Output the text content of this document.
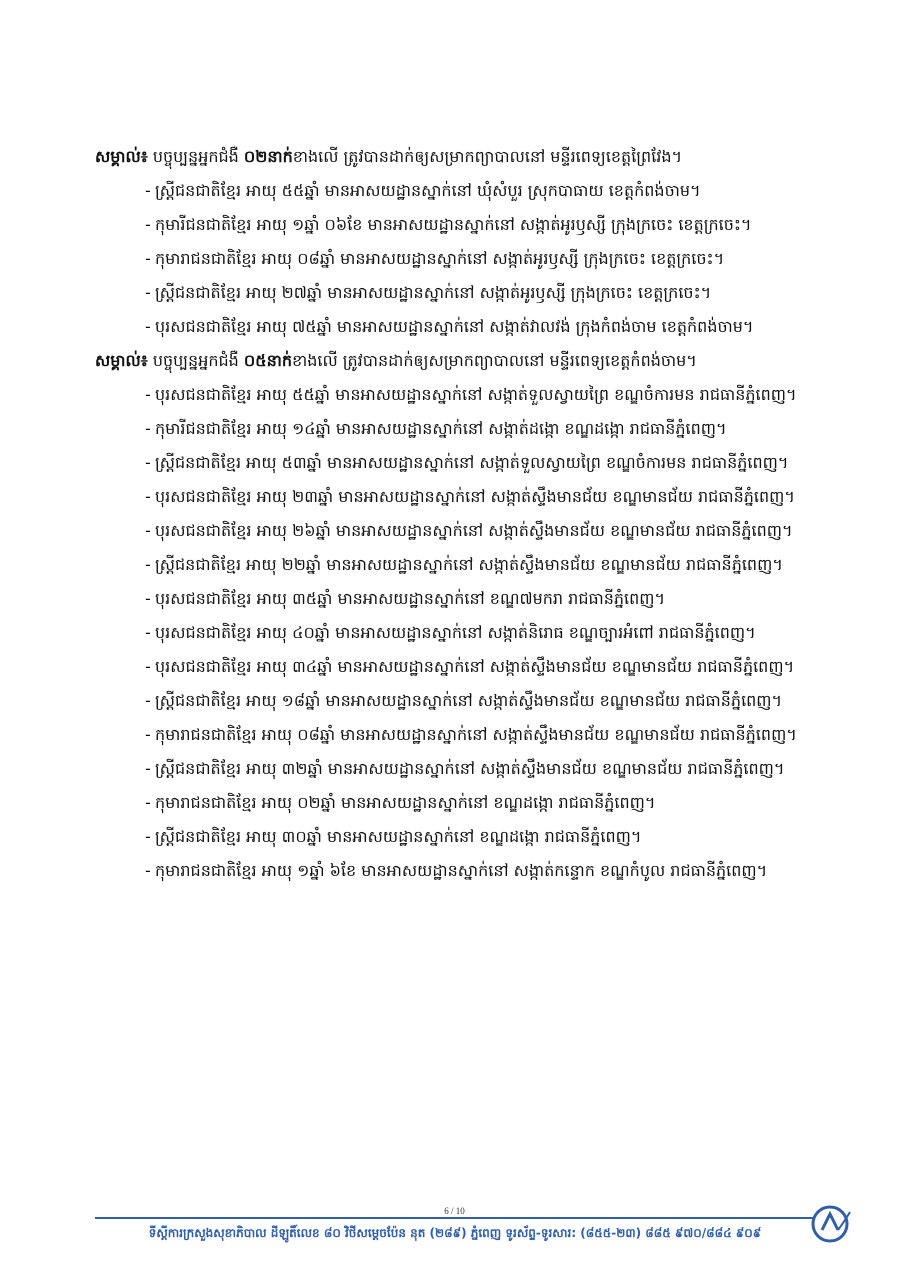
សម្គាល់៖ បច្ចុប្បន្នអ្នកជំងឺ ០២នាក់ខាងលើ ត្រូវបានដាក់ឲ្យសម្រាកព្យាបាលនៅ មន្ទីរពេទ្យខេត្តព្រៃវែង។
- ស្ត្រីជនជាតិខ្មែរ អាយុ ៥៥ឆ្នាំ មានអាសយដ្ឋានស្នាក់នៅ ឃុំសំបួរ ស្រុកបាធាយ ខេត្តកំពង់ចាម។
- កុមារីជនជាតិខ្មែរ អាយុ ១ឆ្នាំ ០៦ខែ មានអាសយដ្ឋានស្នាក់នៅ សង្កាត់អូរឫស្សី ក្រុងក្រចេះ ខេត្តក្រចេះ។
- កុមារាជនជាតិខ្មែរ អាយុ ០៨ឆ្នាំ មានអាសយដ្ឋានស្នាក់នៅ សង្កាត់អូរឫស្សី ក្រុងក្រចេះ ខេត្តក្រចេះ។
- ស្ត្រីជនជាតិខ្មែរ អាយុ ២៧ឆ្នាំ មានអាសយដ្ឋានស្នាក់នៅ សង្កាត់អូរឫស្សី ក្រុងក្រចេះ ខេត្តក្រចេះ។
- បុរសជនជាតិខ្មែរ អាយុ ៧៥ឆ្នាំ មានអាសយដ្ឋានស្នាក់នៅ សង្កាត់វាលវង់ ក្រុងកំពង់ចាម ខេត្តកំពង់ចាម។
សម្គាល់៖ បច្ចុប្បន្នអ្នកជំងឺ ០៥នាក់ខាងលើ ត្រូវបានដាក់ឲ្យសម្រាកព្យាបាលនៅ មន្ទីរពេទ្យខេត្តកំពង់ចាម។
- បុរសជនជាតិខ្មែរ អាយុ ៥៥ឆ្នាំ មានអាសយដ្ឋានស្នាក់នៅ សង្កាត់ទួលស្វាយព្រៃ ខណ្ឌចំការមន រាជធានីភ្នំពេញ។
- កុមារីជនជាតិខ្មែរ អាយុ ១៤ឆ្នាំ មានអាសយដ្ឋានស្នាក់នៅ សង្កាត់ដង្កោ ខណ្ឌដង្កោ រាជធានីភ្នំពេញ។
- ស្ត្រីជនជាតិខ្មែរ អាយុ ៥៣ឆ្នាំ មានអាសយដ្ឋានស្នាក់នៅ សង្កាត់ទួលស្វាយព្រៃ ខណ្ឌចំការមន រាជធានីភ្នំពេញ។
- បុរសជនជាតិខ្មែរ អាយុ ២៣ឆ្នាំ មានអាសយដ្ឋានស្នាក់នៅ សង្កាត់ស្ទឹងមានជ័យ ខណ្ឌមានជ័យ រាជធានីភ្នំពេញ។
- បុរសជនជាតិខ្មែរ អាយុ ២៦ឆ្នាំ មានអាសយដ្ឋានស្នាក់នៅ សង្កាត់ស្ទឹងមានជ័យ ខណ្ឌមានជ័យ រាជធានីភ្នំពេញ។
- ស្ត្រីជនជាតិខ្មែរ អាយុ ២២ឆ្នាំ មានអាសយដ្ឋានស្នាក់នៅ សង្កាត់ស្ទឹងមានជ័យ ខណ្ឌមានជ័យ រាជធានីភ្នំពេញ។
- បុរសជនជាតិខ្មែរ អាយុ ៣៥ឆ្នាំ មានអាសយដ្ឋានស្នាក់នៅ ខណ្ឌ៧មករា រាជធានីភ្នំពេញ។
- បុរសជនជាតិខ្មែរ អាយុ ៤០ឆ្នាំ មានអាសយដ្ឋានស្នាក់នៅ សង្កាត់និរោធ ខណ្ឌច្បារអំពៅ រាជធានីភ្នំពេញ។
- បុរសជនជាតិខ្មែរ អាយុ ៣៤ឆ្នាំ មានអាសយដ្ឋានស្នាក់នៅ សង្កាត់ស្ទឹងមានជ័យ ខណ្ឌមានជ័យ រាជធានីភ្នំពេញ។
- ស្ត្រីជនជាតិខ្មែរ អាយុ ១៨ឆ្នាំ មានអាសយដ្ឋានស្នាក់នៅ សង្កាត់ស្ទឹងមានជ័យ ខណ្ឌមានជ័យ រាជធានីភ្នំពេញ។
- កុមារាជនជាតិខ្មែរ អាយុ ០៨ឆ្នាំ មានអាសយដ្ឋានស្នាក់នៅ សង្កាត់ស្ទឹងមានជ័យ ខណ្ឌមានជ័យ រាជធានីភ្នំពេញ។
- ស្ត្រីជនជាតិខ្មែរ អាយុ ៣២ឆ្នាំ មានអាសយដ្ឋានស្នាក់នៅ សង្កាត់ស្ទឹងមានជ័យ ខណ្ឌមានជ័យ រាជធានីភ្នំពេញ។
- កុមារាជនជាតិខ្មែរ អាយុ ០២ឆ្នាំ មានអាសយដ្ឋានស្នាក់នៅ ខណ្ឌដង្កោ រាជធានីភ្នំពេញ។
- ស្ត្រីជនជាតិខ្មែរ អាយុ ៣០ឆ្នាំ មានអាសយដ្ឋានស្នាក់នៅ ខណ្ឌដង្កោ រាជធានីភ្នំពេញ។
- កុមារាជនជាតិខ្មែរ អាយុ ១ឆ្នាំ ៦ខែ មានអាសយដ្ឋានស្នាក់នៅ សង្កាត់កន្ទោក ខណ្ឌកំបូល រាជធានីភ្នំពេញ។
6 / 10
ទីស្តីការក្រសួងសុខាភិបាល ដីឡូតិ៍លេខ ៨០ វិថីសម្តេចប៉ែន នុត (២៨៩) ភ្នំពេញ ទូរស័ព្ទ-ទូរសារ: (៨៥៥-២៣) ៨៨៥ ៩៧០/៨៨៤ ៩០៩
